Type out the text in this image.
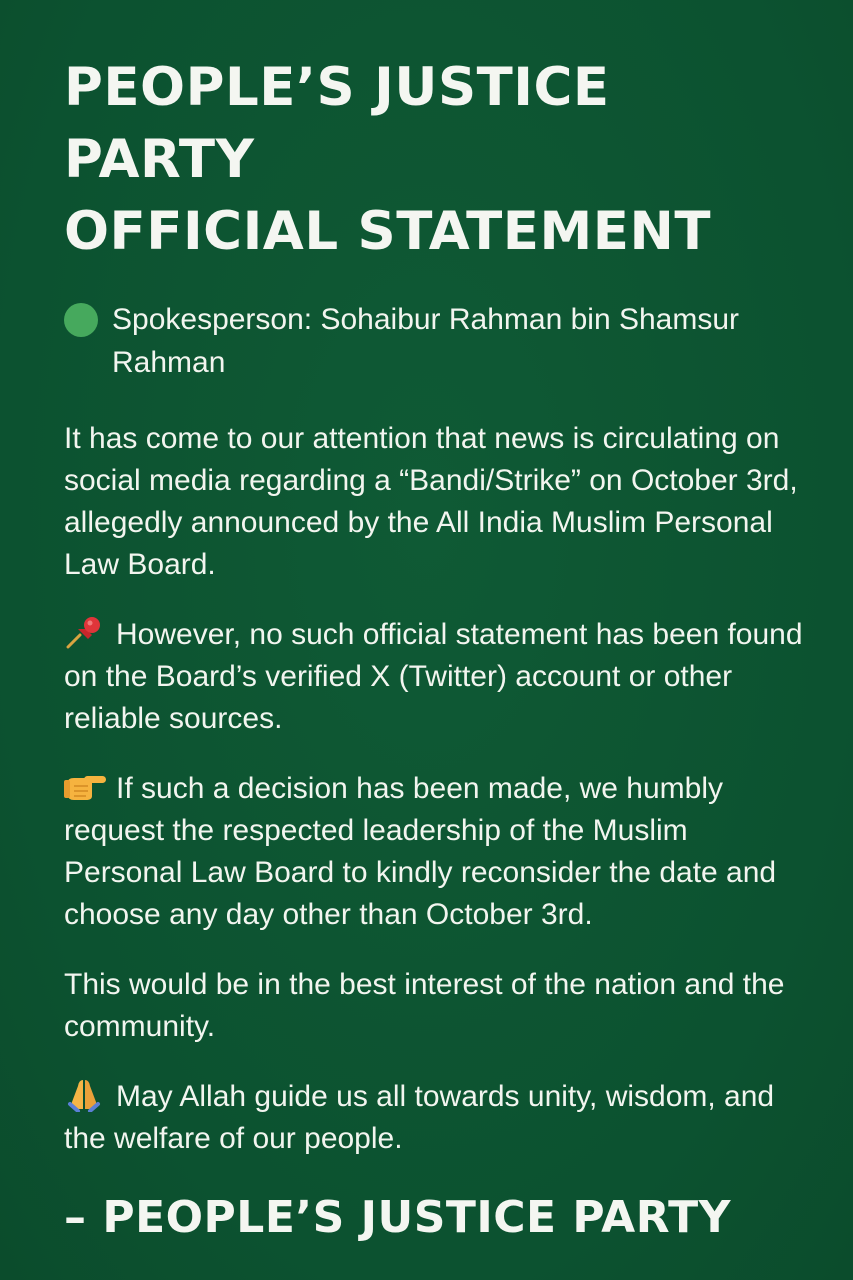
PEOPLE’S JUSTICE PARTY
OFFICIAL STATEMENT
Spokesperson: Sohaibur Rahman bin Shamsur Rahman

It has come to our attention that news is circulating on social media regarding a “Bandi/Strike” on October 3rd, allegedly announced by the All India Muslim Personal Law Board.

However, no such official statement has been found on the Board’s verified X (Twitter) account or other reliable sources.

If such a decision has been made, we humbly request the respected leadership of the Muslim Personal Law Board to kindly reconsider the date and choose any day other than October 3rd.

This would be in the best interest of the nation and the community.

May Allah guide us all towards unity, wisdom, and the welfare of our people.

– PEOPLE’S JUSTICE PARTY
